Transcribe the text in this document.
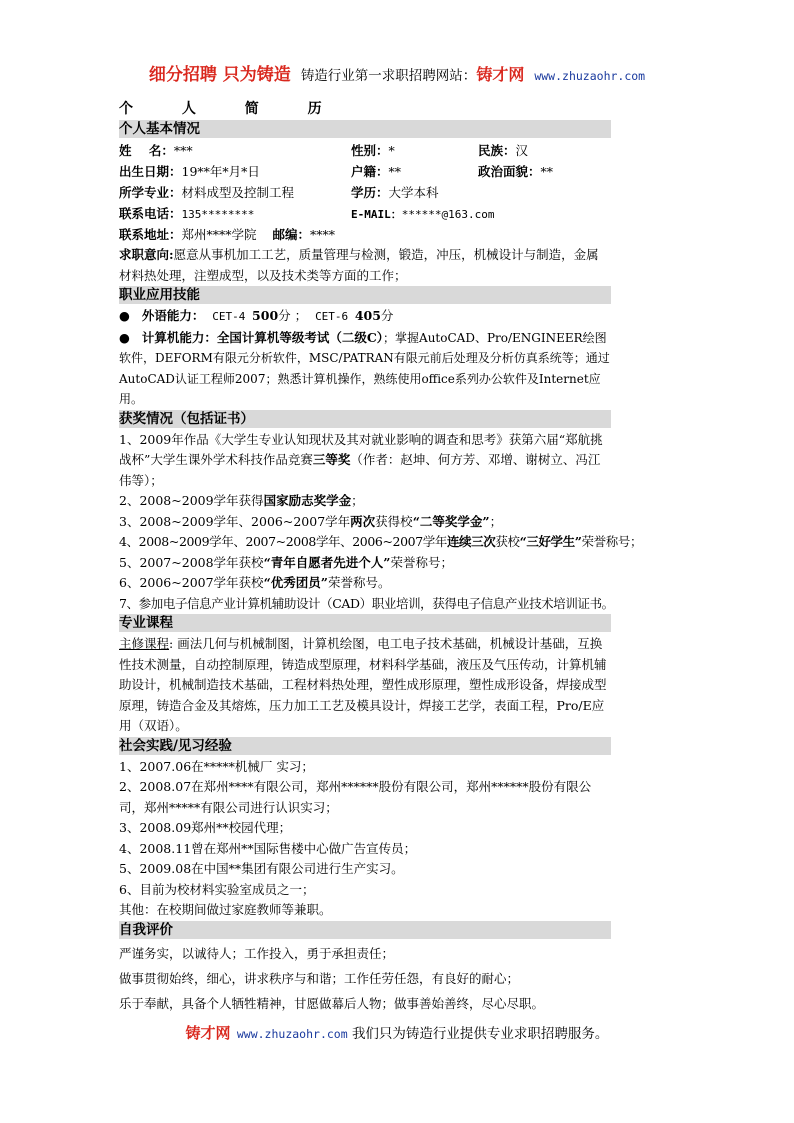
细分招聘 只为铸造 铸造行业第一求职招聘网站：铸才网 www.zhuzaohr.com
个 人 简 历
个人基本情况
姓    名：***	性别：*	民族：汉
出生日期：19**年*月*日	户籍：**	政治面貌：**
所学专业：材料成型及控制工程	学历：大学本科
联系电话：135********	E-MAIL：******@163.com
联系地址：郑州****学院 邮编：****

求职意向:愿意从事机加工工艺，质量管理与检测，锻造，冲压，机械设计与制造，金属材料热处理，注塑成型，以及技术类等方面的工作；

职业应用技能
●   外语能力： CET-4 500分 ；  CET-6 405分

●   计算机能力：全国计算机等级考试（二级C）；掌握AutoCAD、Pro/ENGINEER绘图软件，DEFORM有限元分析软件，MSC/PATRAN有限元前后处理及分析仿真系统等；通过AutoCAD认证工程师2007；熟悉计算机操作，熟练使用office系列办公软件及Internet应用。

获奖情况（包括证书）

1、2009年作品《大学生专业认知现状及其对就业影响的调查和思考》获第六届“郑航挑战杯”大学生课外学术科技作品竞赛三等奖（作者：赵坤、何方芳、邓增、谢树立、冯江伟等）；

2、2008~2009学年获得国家励志奖学金；

3、2008~2009学年、2006~2007学年两次获得校“二等奖学金”；

4、2008~2009学年、2007~2008学年、2006~2007学年连续三次获校“三好学生”荣誉称号；

5、2007~2008学年获校“青年自愿者先进个人”荣誉称号；

6、2006~2007学年获校“优秀团员”荣誉称号。

7、参加电子信息产业计算机辅助设计（CAD）职业培训，获得电子信息产业技术培训证书。

专业课程

主修课程: 画法几何与机械制图，计算机绘图，电工电子技术基础，机械设计基础，互换性技术测量，自动控制原理，铸造成型原理，材料科学基础，液压及气压传动，计算机辅助设计，机械制造技术基础，工程材料热处理，塑性成形原理，塑性成形设备，焊接成型原理，铸造合金及其熔炼，压力加工工艺及模具设计，焊接工艺学，表面工程，Pro/E应用（双语）。

社会实践/见习经验

1、2007.06在*****机械厂 实习；

2、2008.07在郑州****有限公司，郑州******股份有限公司，郑州******股份有限公司，郑州*****有限公司进行认识实习；

3、2008.09郑州**校园代理；

4、2008.11曾在郑州**国际售楼中心做广告宣传员；

5、2009.08在中国**集团有限公司进行生产实习。

6、目前为校材料实验室成员之一；

其他：在校期间做过家庭教师等兼职。

自我评价

严谨务实，以诚待人；工作投入，勇于承担责任；

做事贯彻始终，细心，讲求秩序与和谐；工作任劳任怨，有良好的耐心；

乐于奉献，具备个人牺牲精神，甘愿做幕后人物；做事善始善终，尽心尽职。

铸才网 www.zhuzaohr.com 我们只为铸造行业提供专业求职招聘服务。
